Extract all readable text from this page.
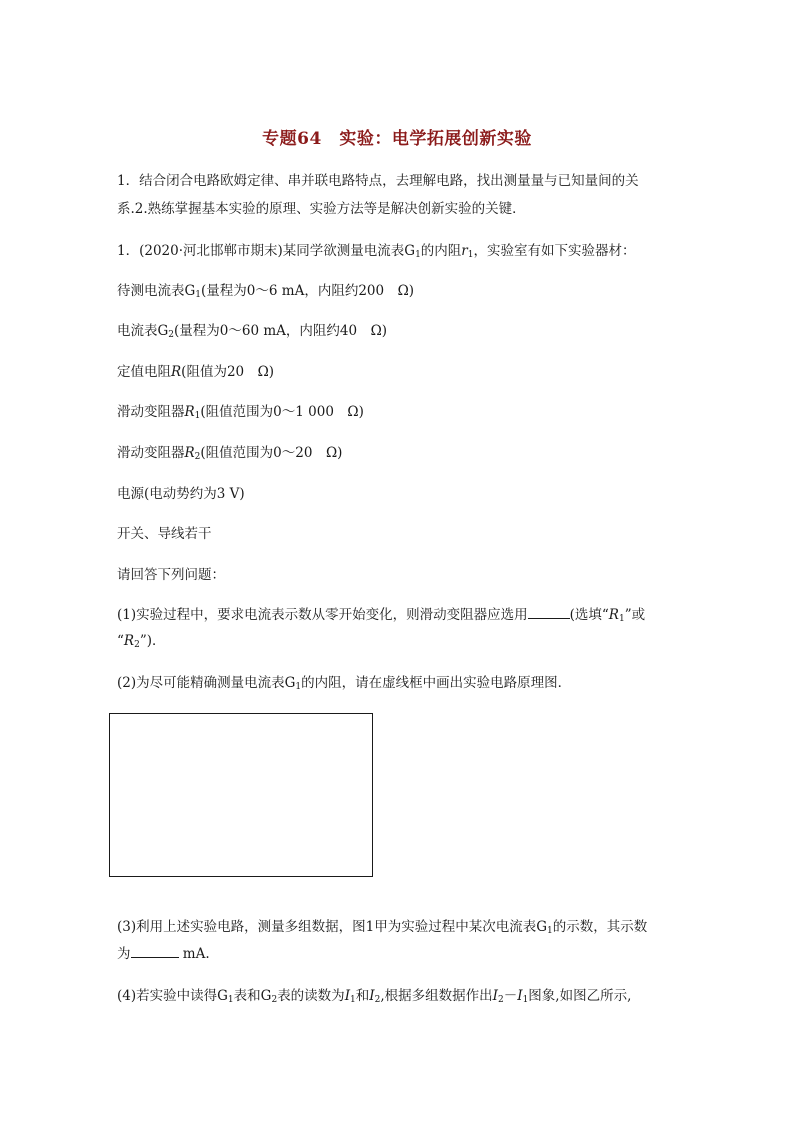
专题64　实验：电学拓展创新实验
1．结合闭合电路欧姆定律、串并联电路特点，去理解电路，找出测量量与已知量间的关
系.2.熟练掌握基本实验的原理、实验方法等是解决创新实验的关键．
1．(2020·河北邯郸市期末)某同学欲测量电流表$G_1$的内阻$r_1$，实验室有如下实验器材：
待测电流表$G_1$(量程为0～6 mA，内阻约200　Ω)
电流表$G_2$(量程为0～60 mA，内阻约40　Ω)
定值电阻R(阻值为20　Ω)
滑动变阻器$R_1$(阻值范围为0～1 000　Ω)
滑动变阻器$R_2$(阻值范围为0～20　Ω)
电源(电动势约为3 V)
开关、导线若干
请回答下列问题：
(1)实验过程中，要求电流表示数从零开始变化，则滑动变阻器应选用	(选填“$R_1$”或
“$R_2$”)．
(2)为尽可能精确测量电流表$G_1$的内阻，请在虚线框中画出实验电路原理图．
(3)利用上述实验电路，测量多组数据，图1甲为实验过程中某次电流表$G_1$的示数，其示数
为	mA.
(4)若实验中读得$G_1$表和$G_2$表的读数为$I_1$和$I_2$,根据多组数据作出$I_2-I_1$图象,如图乙所示,
